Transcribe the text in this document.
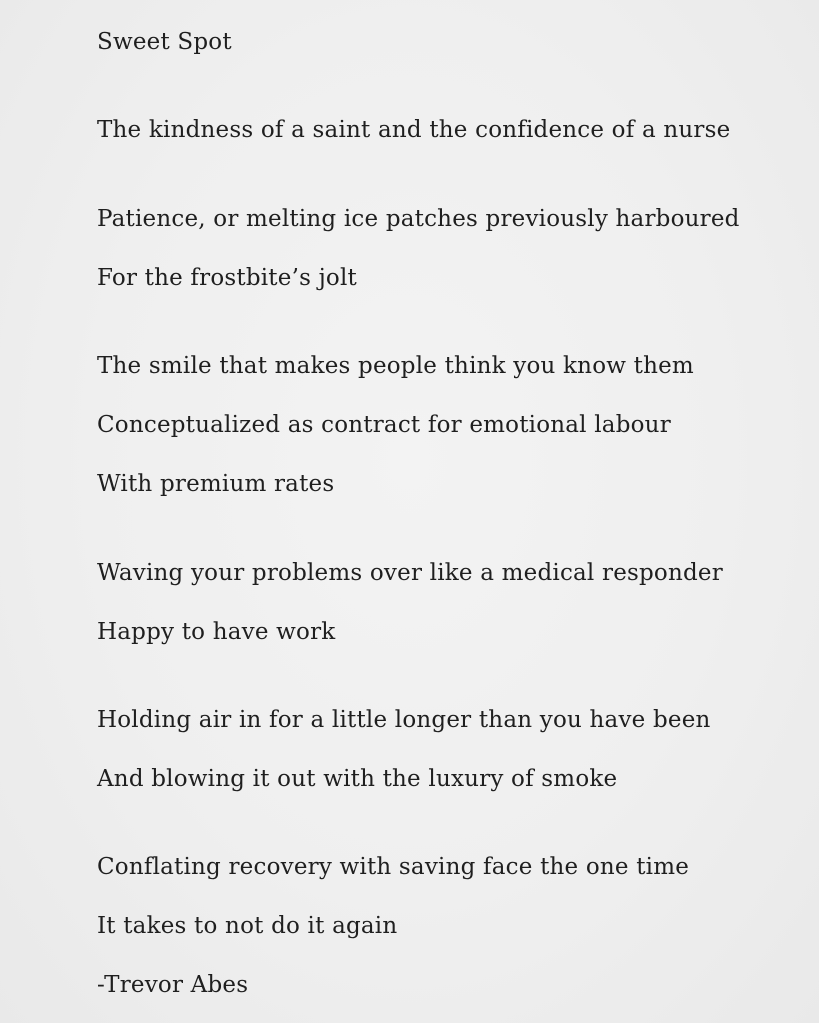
Sweet Spot

The kindness of a saint and the confidence of a nurse

Patience, or melting ice patches previously harboured

For the frostbite’s jolt

The smile that makes people think you know them

Conceptualized as contract for emotional labour

With premium rates

Waving your problems over like a medical responder

Happy to have work

Holding air in for a little longer than you have been

And blowing it out with the luxury of smoke

Conflating recovery with saving face the one time

It takes to not do it again

-Trevor Abes
